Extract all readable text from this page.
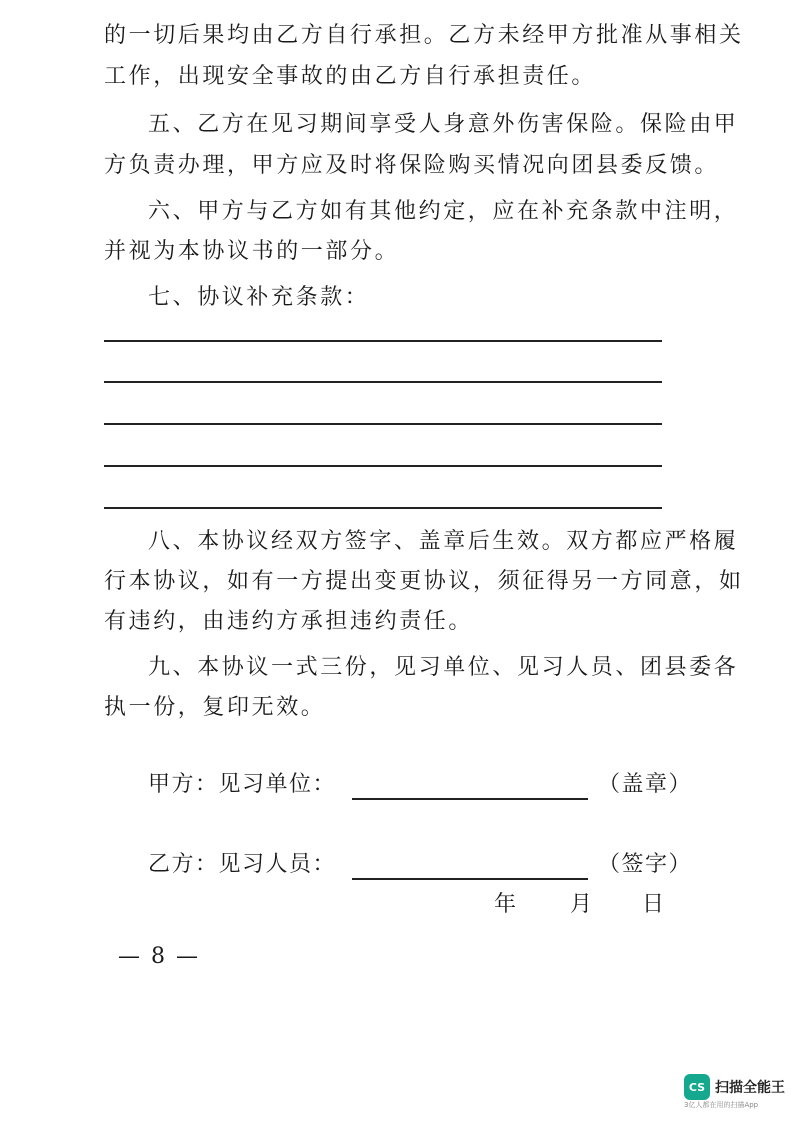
的一切后果均由乙方自行承担。乙方未经甲方批准从事相关
工作，出现安全事故的由乙方自行承担责任。
五、乙方在见习期间享受人身意外伤害保险。保险由甲
方负责办理，甲方应及时将保险购买情况向团县委反馈。
六、甲方与乙方如有其他约定，应在补充条款中注明，
并视为本协议书的一部分。
七、协议补充条款：
八、本协议经双方签字、盖章后生效。双方都应严格履
行本协议，如有一方提出变更协议，须征得另一方同意，如
有违约，由违约方承担违约责任。
九、本协议一式三份，见习单位、见习人员、团县委各
执一份，复印无效。
甲方：见习单位：	（盖章）
乙方：见习人员：	（签字）
年 月 日
— 8 —
CS 扫描全能王
3亿人都在用的扫描App
